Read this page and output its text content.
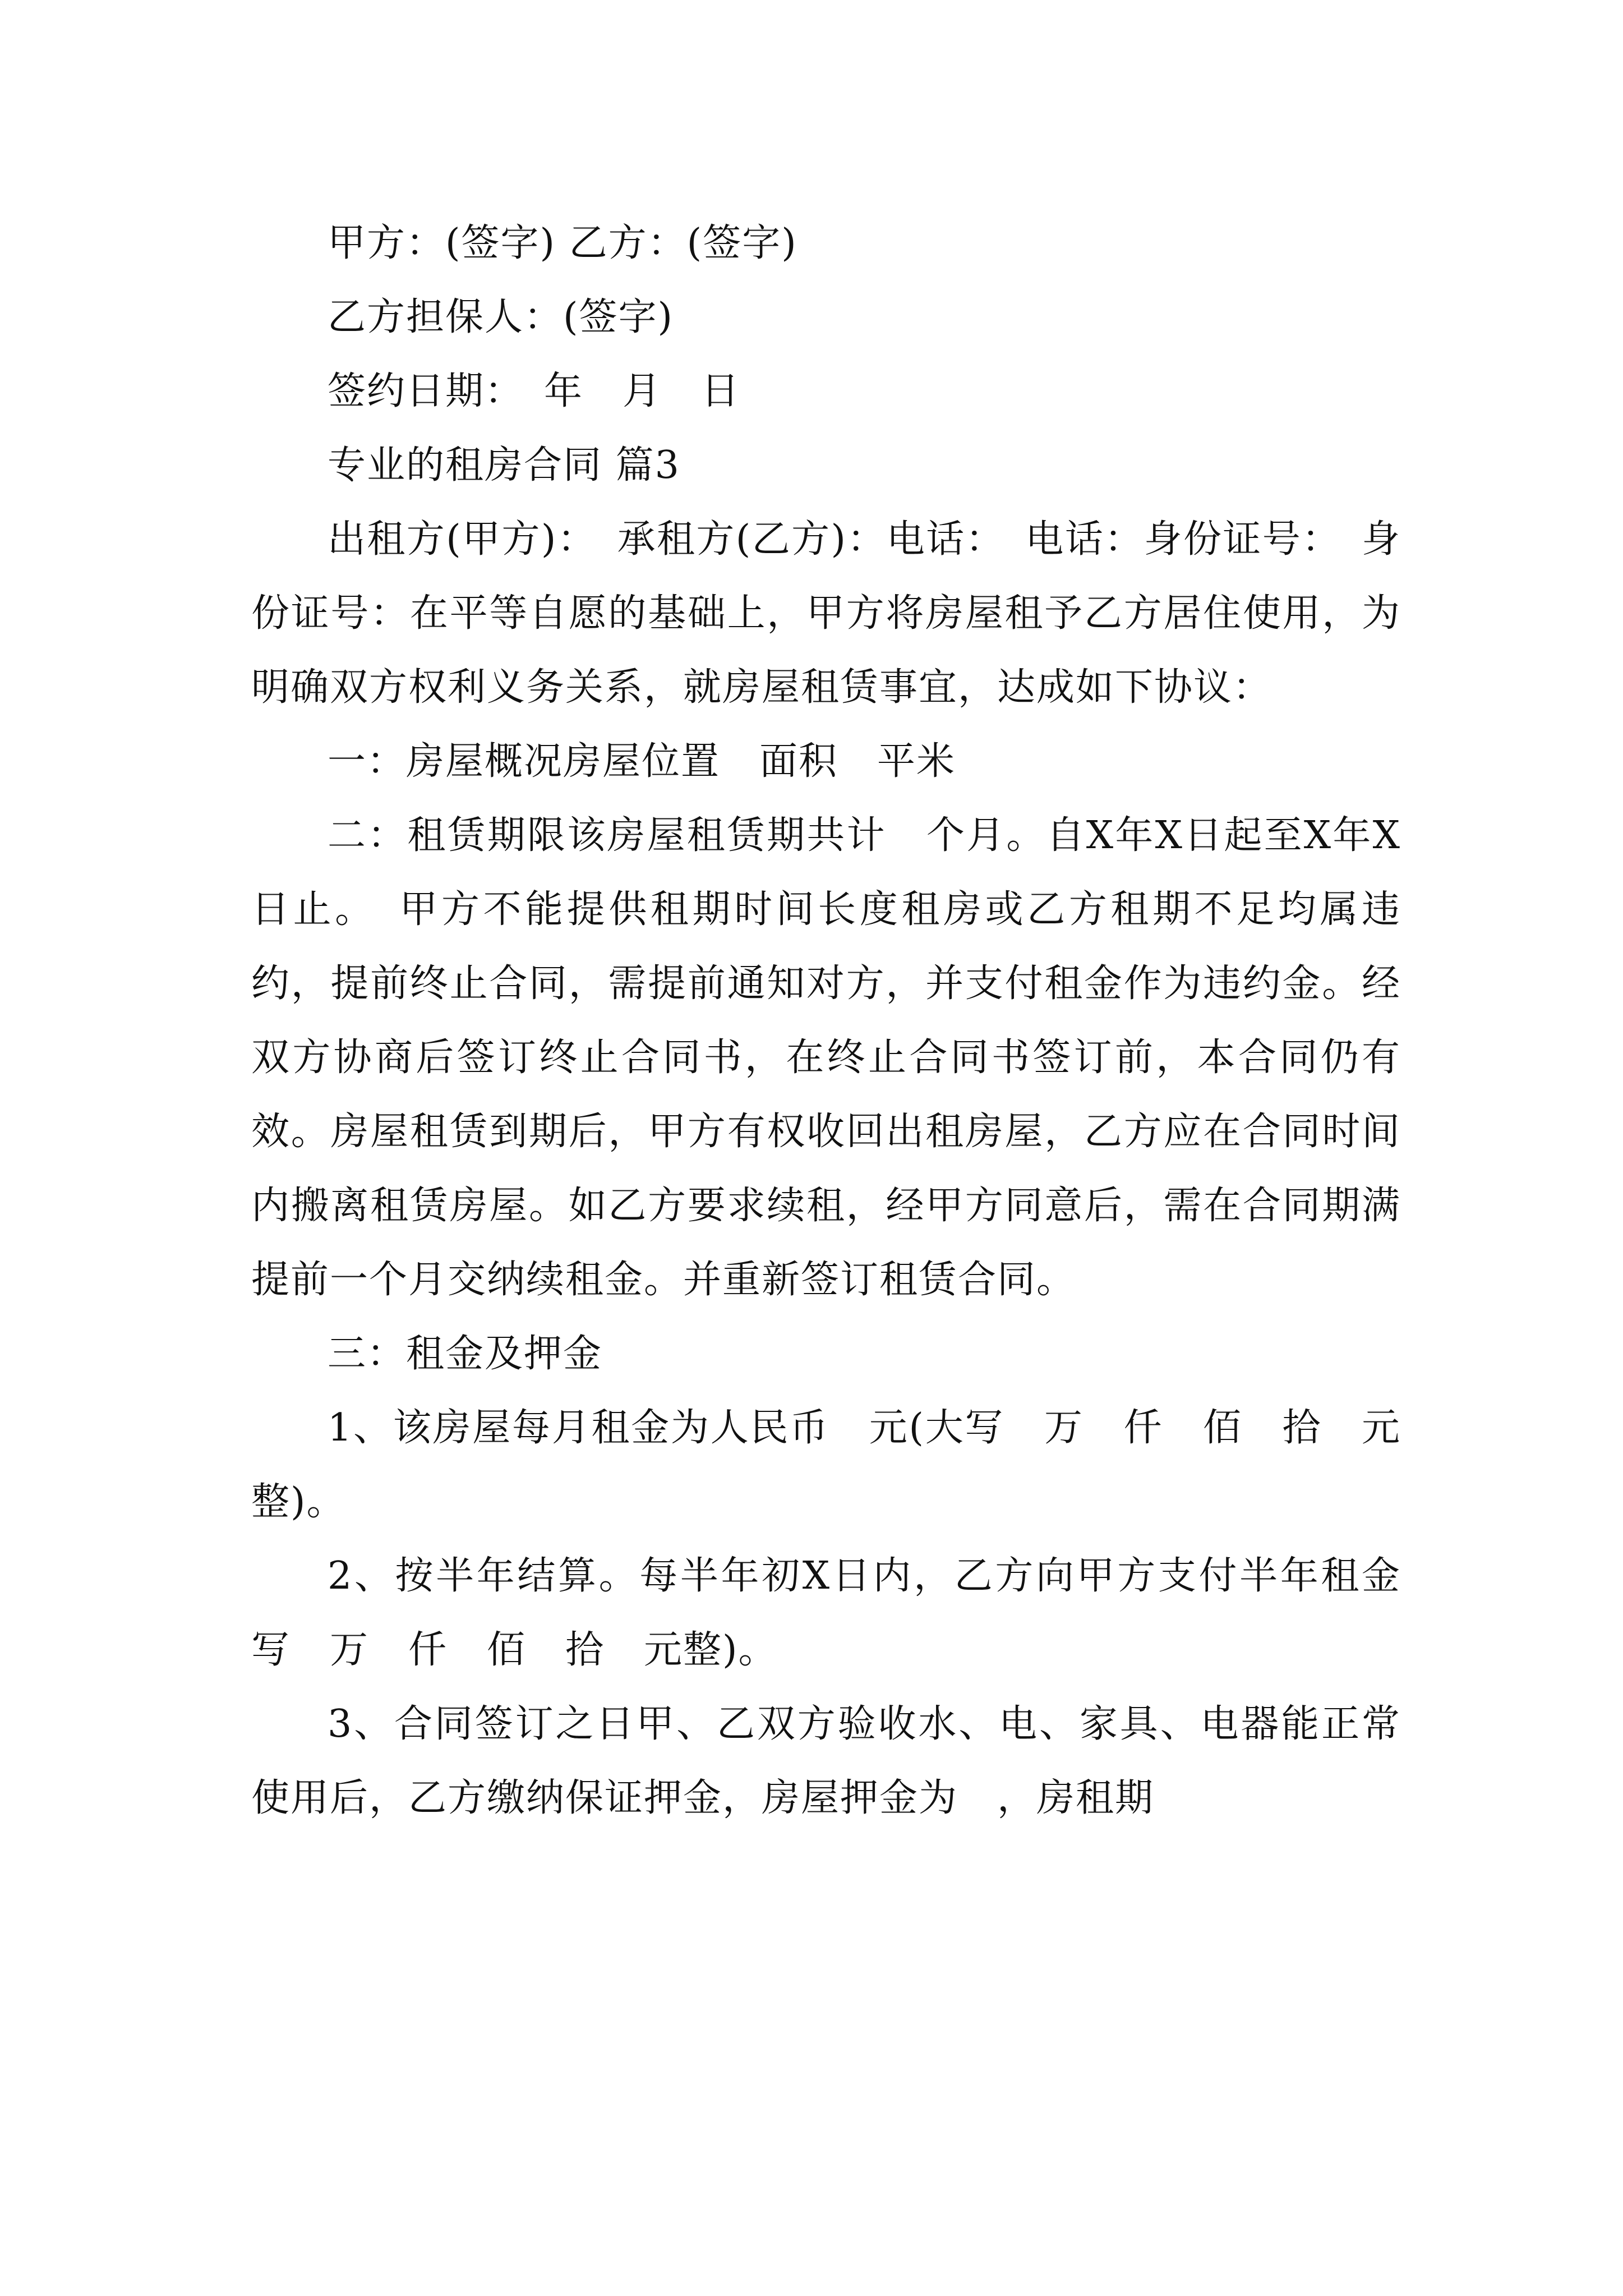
甲方：(签字) 乙方：(签字)

乙方担保人：(签字)

签约日期：　年　月　日

专业的租房合同 篇3

出租方(甲方)：　承租方(乙方)：电话：　电话：身份证号：　身份证号：在平等自愿的基础上，甲方将房屋租予乙方居住使用，为明确双方权利义务关系，就房屋租赁事宜，达成如下协议：

一：房屋概况房屋位置　面积　平米

二：租赁期限该房屋租赁期共计　个月。自X年X日起至X年X日止。　甲方不能提供租期时间长度租房或乙方租期不足均属违约，提前终止合同，需提前通知对方，并支付租金作为违约金。经双方协商后签订终止合同书，在终止合同书签订前，本合同仍有效。房屋租赁到期后，甲方有权收回出租房屋，乙方应在合同时间内搬离租赁房屋。如乙方要求续租，经甲方同意后，需在合同期满提前一个月交纳续租金。并重新签订租赁合同。

三：租金及押金

1、该房屋每月租金为人民币　元(大写　万　仟　佰　拾　元整)。

2、按半年结算。每半年初X日内，乙方向甲方支付半年租金写　万　仟　佰　拾　元整)。

3、合同签订之日甲、乙双方验收水、电、家具、电器能正常使用后，乙方缴纳保证押金，房屋押金为　，房租期
